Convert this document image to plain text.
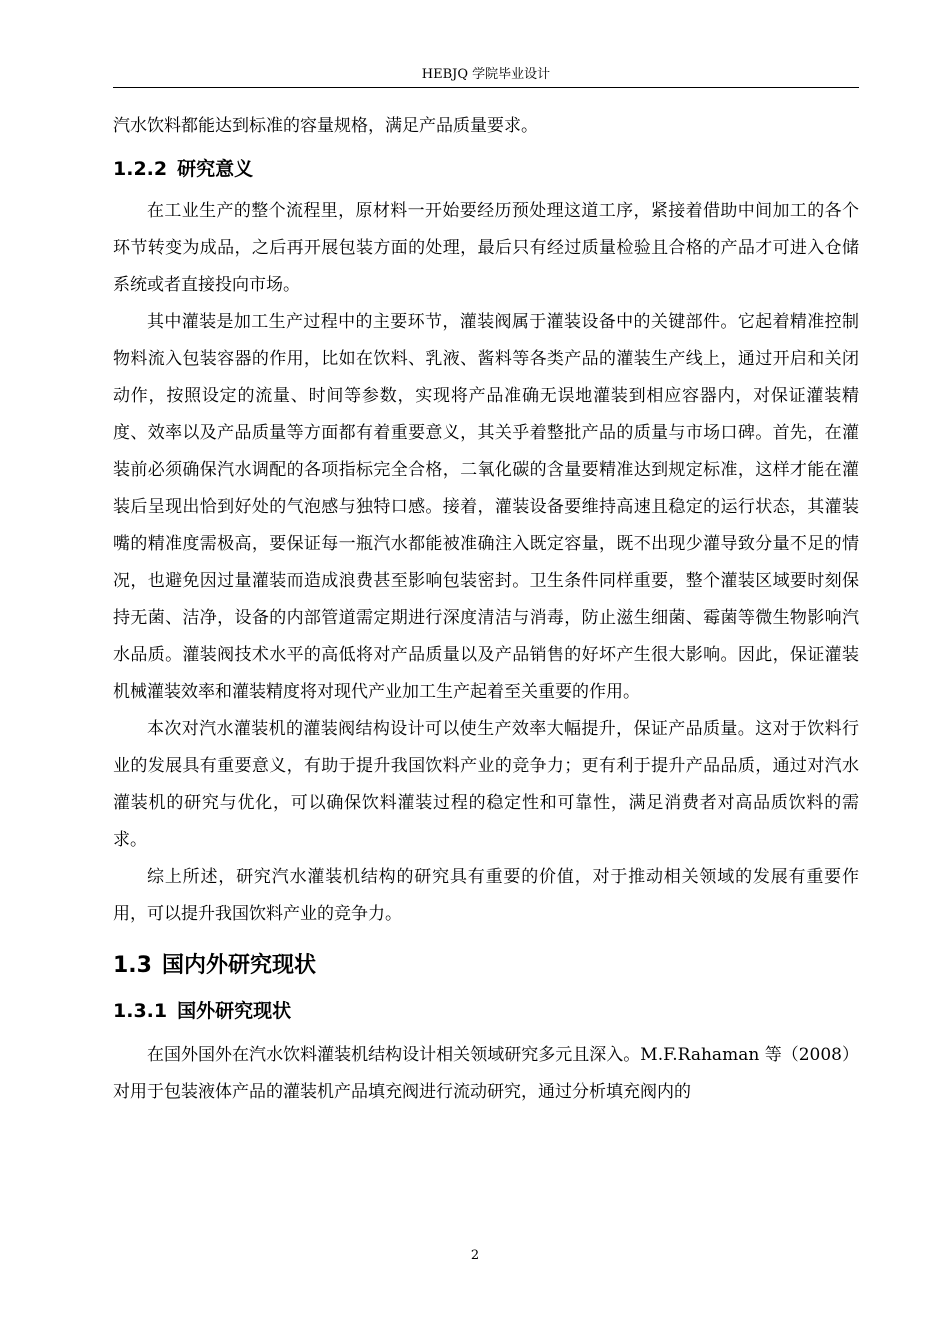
HEBJQ 学院毕业设计

汽水饮料都能达到标准的容量规格，满足产品质量要求。

1.2.2 研究意义

在工业生产的整个流程里，原材料一开始要经历预处理这道工序，紧接着借助中间加工的各个环节转变为成品，之后再开展包装方面的处理，最后只有经过质量检验且合格的产品才可进入仓储系统或者直接投向市场。

其中灌装是加工生产过程中的主要环节，灌装阀属于灌装设备中的关键部件。它起着精准控制物料流入包装容器的作用，比如在饮料、乳液、酱料等各类产品的灌装生产线上，通过开启和关闭动作，按照设定的流量、时间等参数，实现将产品准确无误地灌装到相应容器内，对保证灌装精度、效率以及产品质量等方面都有着重要意义，其关乎着整批产品的质量与市场口碑。首先，在灌装前必须确保汽水调配的各项指标完全合格，二氧化碳的含量要精准达到规定标准，这样才能在灌装后呈现出恰到好处的气泡感与独特口感。接着，灌装设备要维持高速且稳定的运行状态，其灌装嘴的精准度需极高，要保证每一瓶汽水都能被准确注入既定容量，既不出现少灌导致分量不足的情况，也避免因过量灌装而造成浪费甚至影响包装密封。卫生条件同样重要，整个灌装区域要时刻保持无菌、洁净，设备的内部管道需定期进行深度清洁与消毒，防止滋生细菌、霉菌等微生物影响汽水品质。灌装阀技术水平的高低将对产品质量以及产品销售的好坏产生很大影响。因此，保证灌装机械灌装效率和灌装精度将对现代产业加工生产起着至关重要的作用。

本次对汽水灌装机的灌装阀结构设计可以使生产效率大幅提升，保证产品质量。这对于饮料行业的发展具有重要意义，有助于提升我国饮料产业的竞争力；更有利于提升产品品质，通过对汽水灌装机的研究与优化，可以确保饮料灌装过程的稳定性和可靠性，满足消费者对高品质饮料的需求。

综上所述，研究汽水灌装机结构的研究具有重要的价值，对于推动相关领域的发展有重要作用，可以提升我国饮料产业的竞争力。

1.3 国内外研究现状
1.3.1 国外研究现状

在国外国外在汽水饮料灌装机结构设计相关领域研究多元且深入。M.F.Rahaman 等（2008）对用于包装液体产品的灌装机产品填充阀进行流动研究，通过分析填充阀内的

2
